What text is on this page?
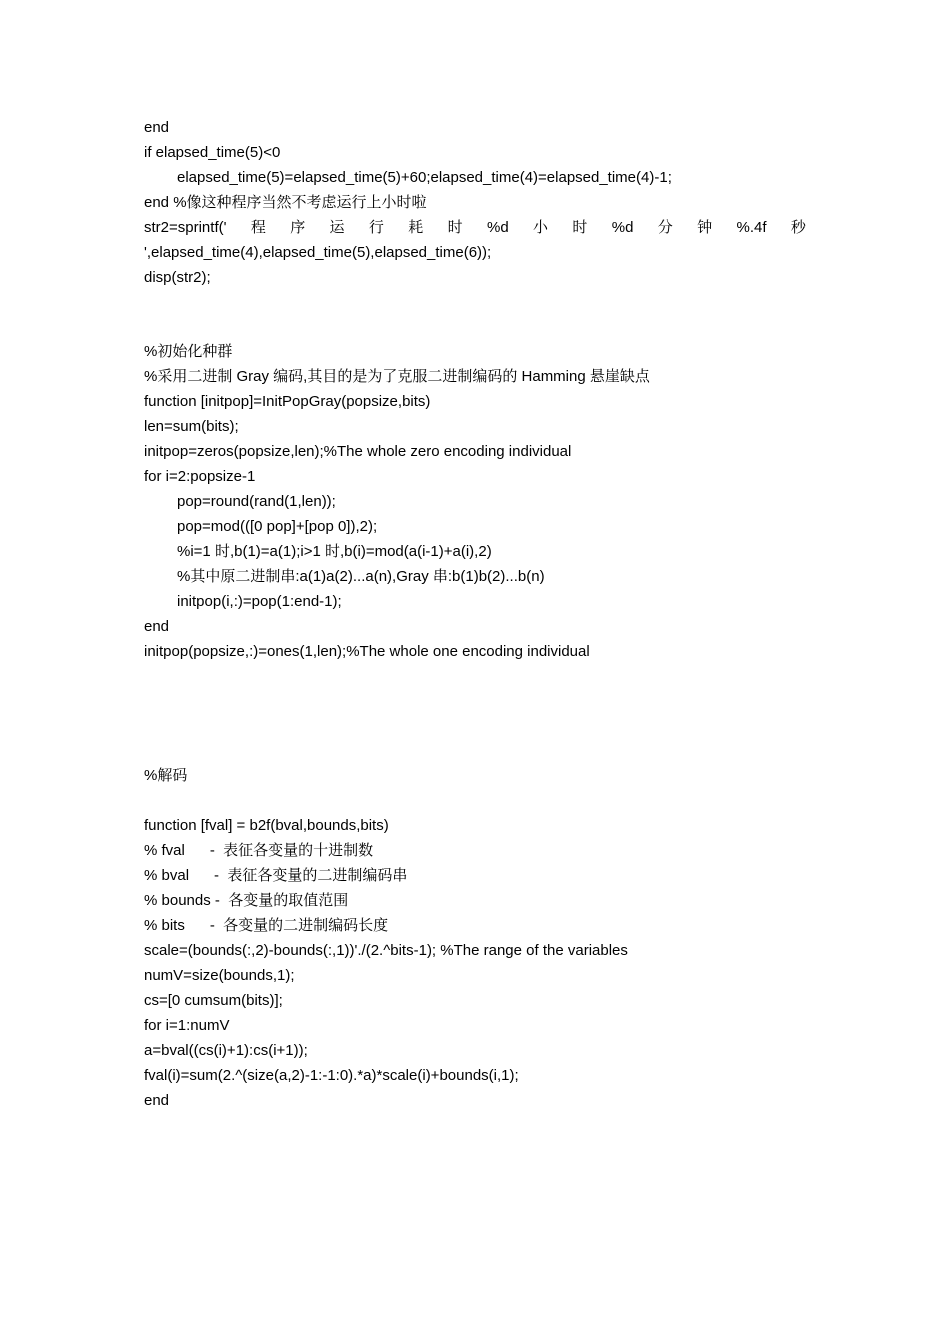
end
if elapsed_time(5)<0
elapsed_time(5)=elapsed_time(5)+60;elapsed_time(4)=elapsed_time(4)-1;
end %像这种程序当然不考虑运行上小时啦
str2=sprintf(' 程 序 运 行 耗 时 %d 小 时 %d 分 钟 %.4f 秒
',elapsed_time(4),elapsed_time(5),elapsed_time(6));
disp(str2);
%初始化种群
%采用二进制 Gray 编码,其目的是为了克服二进制编码的 Hamming 悬崖缺点
function [initpop]=InitPopGray(popsize,bits)
len=sum(bits);
initpop=zeros(popsize,len);%The whole zero encoding individual
for i=2:popsize-1
pop=round(rand(1,len));
pop=mod(([0 pop]+[pop 0]),2);
%i=1 时,b(1)=a(1);i>1 时,b(i)=mod(a(i-1)+a(i),2)
%其中原二进制串:a(1)a(2)...a(n),Gray 串:b(1)b(2)...b(n)
initpop(i,:)=pop(1:end-1);
end
initpop(popsize,:)=ones(1,len);%The whole one encoding individual
%解码
function [fval] = b2f(bval,bounds,bits)
% fval      -  表征各变量的十进制数
% bval      -  表征各变量的二进制编码串
% bounds -  各变量的取值范围
% bits      -  各变量的二进制编码长度
scale=(bounds(:,2)-bounds(:,1))'./(2.^bits-1); %The range of the variables
numV=size(bounds,1);
cs=[0 cumsum(bits)];
for i=1:numV
a=bval((cs(i)+1):cs(i+1));
fval(i)=sum(2.^(size(a,2)-1:-1:0).*a)*scale(i)+bounds(i,1);
end
